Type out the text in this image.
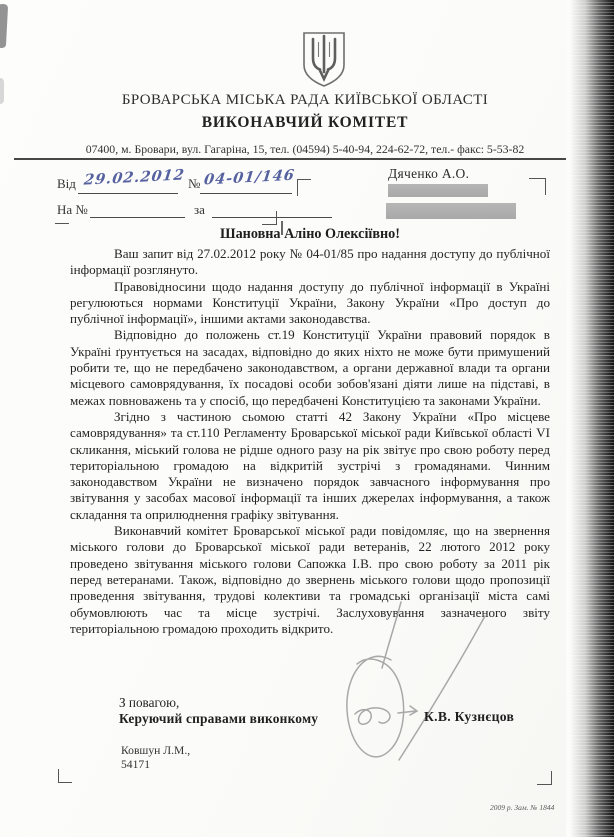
БРОВАРСЬКА МІСЬКА РАДА КИЇВСЬКОЇ ОБЛАСТІ
ВИКОНАВЧИЙ КОМІТЕТ
07400, м. Бровари, вул. Гагаріна, 15, тел. (04594) 5-40-94, 224-62-72, тел.- факс: 5-53-82
Від 29.02.2012 № 04-01/146
На №	за
Дяченко А.О.
Шановна Аліно Олексіївно!

Ваш запит від 27.02.2012 року № 04-01/85 про надання доступу до публічної інформації розглянуто.

Правовідносини щодо надання доступу до публічної інформації в Україні регулюються нормами Конституції України, Закону України «Про доступ до публічної інформації», іншими актами законодавства.

Відповідно до положень ст.19 Конституції України правовий порядок в Україні ґрунтується на засадах, відповідно до яких ніхто не може бути примушений робити те, що не передбачено законодавством, а органи державної влади та органи місцевого самоврядування, їх посадові особи зобов'язані діяти лише на підставі, в межах повноважень та у спосіб, що передбачені Конституцією та законами України.

Згідно з частиною сьомою статті 42 Закону України «Про місцеве самоврядування» та ст.110 Регламенту Броварської міської ради Київської області VI скликання, міський голова не рідше одного разу на рік звітує про свою роботу перед територіальною громадою на відкритій зустрічі з громадянами. Чинним законодавством України не визначено порядок завчасного інформування про звітування у засобах масової інформації та інших джерелах інформування, а також складання та оприлюднення графіку звітування.

Виконавчий комітет Броварської міської ради повідомляє, що на звернення міського голови до Броварської міської ради ветеранів, 22 лютого 2012 року проведено звітування міського голови Сапожка І.В. про свою роботу за 2011 рік перед ветеранами. Також, відповідно до звернень міського голови щодо пропозиції проведення звітування, трудові колективи та громадські організації міста самі обумовлюють час та місце зустрічі. Заслуховування зазначеного звіту територіальною громадою проходить відкрито.

З повагою,
Керуючий справами виконкому	К.В. Кузнєцов
Ковшун Л.М.,
54171
2009 р. Зам. № 1844
